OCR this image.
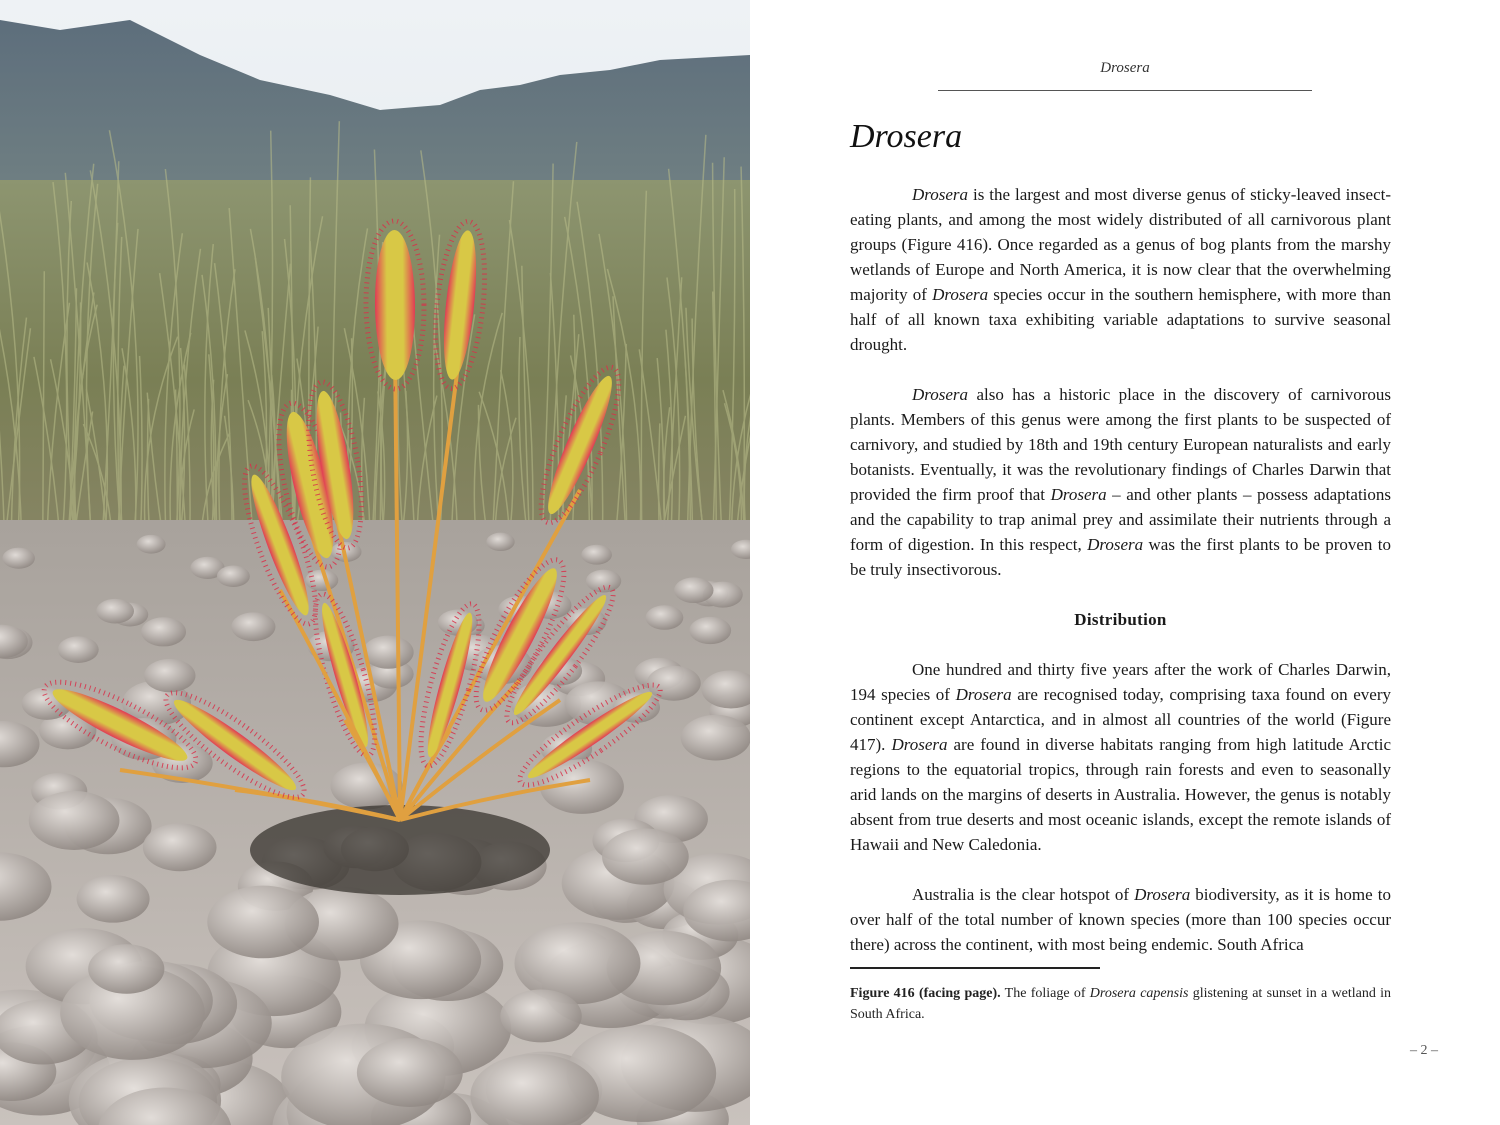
Drosera
Drosera

Drosera is the largest and most diverse genus of sticky-leaved insect-eating plants, and among the most widely distributed of all carnivorous plant groups (Figure 416). Once regarded as a genus of bog plants from the marshy wetlands of Europe and North America, it is now clear that the overwhelming majority of Drosera species occur in the southern hemisphere, with more than half of all known taxa exhibiting variable adaptations to survive seasonal drought.

Drosera also has a historic place in the discovery of carnivorous plants. Members of this genus were among the first plants to be suspected of carnivory, and studied by 18th and 19th century European naturalists and early botanists. Eventually, it was the revolutionary findings of Charles Darwin that provided the firm proof that Drosera – and other plants – possess adaptations and the capability to trap animal prey and assimilate their nutrients through a form of digestion. In this respect, Drosera was the first plants to be proven to be truly insectivorous.

Distribution

One hundred and thirty five years after the work of Charles Darwin, 194 species of Drosera are recognised today, comprising taxa found on every continent except Antarctica, and in almost all countries of the world (Figure 417). Drosera are found in diverse habitats ranging from high latitude Arctic regions to the equatorial tropics, through rain forests and even to seasonally arid lands on the margins of deserts in Australia. However, the genus is notably absent from true deserts and most oceanic islands, except the remote islands of Hawaii and New Caledonia.

Australia is the clear hotspot of Drosera biodiversity, as it is home to over half of the total number of known species (more than 100 species occur there) across the continent, with most being endemic. South Africa

Figure 416 (facing page). The foliage of Drosera capensis glistening at sunset in a wetland in South Africa.
– 2 –
